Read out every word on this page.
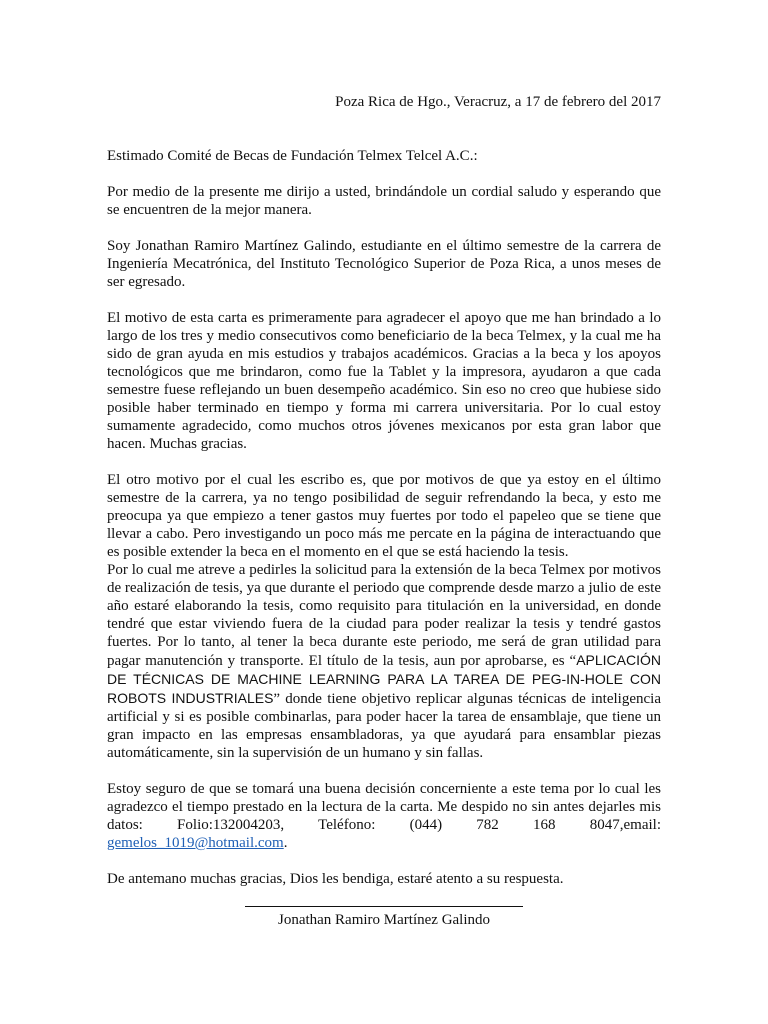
Poza Rica de Hgo., Veracruz, a 17 de febrero del 2017

Estimado Comité de Becas de Fundación Telmex Telcel A.C.:

Por medio de la presente me dirijo a usted, brindándole un cordial saludo y esperando que se encuentren de la mejor manera.

Soy Jonathan Ramiro Martínez Galindo, estudiante en el último semestre de la carrera de Ingeniería Mecatrónica, del Instituto Tecnológico Superior de Poza Rica, a unos meses de ser egresado.

El motivo de esta carta es primeramente para agradecer el apoyo que me han brindado a lo largo de los tres y medio consecutivos como beneficiario de la beca Telmex, y la cual me ha sido de gran ayuda en mis estudios y trabajos académicos. Gracias a la beca y los apoyos tecnológicos que me brindaron, como fue la Tablet y la impresora, ayudaron a que cada semestre fuese reflejando un buen desempeño académico. Sin eso no creo que hubiese sido posible haber terminado en tiempo y forma mi carrera universitaria. Por lo cual estoy sumamente agradecido, como muchos otros jóvenes mexicanos por esta gran labor que hacen. Muchas gracias.

El otro motivo por el cual les escribo es, que por motivos de que ya estoy en el último semestre de la carrera, ya no tengo posibilidad de seguir refrendando la beca, y esto me preocupa ya que empiezo a tener gastos muy fuertes por todo el papeleo que se tiene que llevar a cabo. Pero investigando un poco más me percate en la página de interactuando que es posible extender la beca en el momento en el que se está haciendo la tesis.

Por lo cual me atreve a pedirles la solicitud para la extensión de la beca Telmex por motivos de realización de tesis, ya que durante el periodo que comprende desde marzo a julio de este año estaré elaborando la tesis, como requisito para titulación en la universidad, en donde tendré que estar viviendo fuera de la ciudad para poder realizar la tesis y tendré gastos fuertes. Por lo tanto, al tener la beca durante este periodo, me será de gran utilidad para pagar manutención y transporte. El título de la tesis, aun por aprobarse, es “APLICACIÓN DE TÉCNICAS DE MACHINE LEARNING PARA LA TAREA DE PEG-IN-HOLE CON ROBOTS INDUSTRIALES” donde tiene objetivo replicar algunas técnicas de inteligencia artificial y si es posible combinarlas, para poder hacer la tarea de ensamblaje, que tiene un gran impacto en las empresas ensambladoras, ya que ayudará para ensamblar piezas automáticamente, sin la supervisión de un humano y sin fallas.

Estoy seguro de que se tomará una buena decisión concerniente a este tema por lo cual les agradezco el tiempo prestado en la lectura de la carta. Me despido no sin antes dejarles mis datos: Folio:132004203, Teléfono: (044) 782 168 8047,email: gemelos_1019@hotmail.com.

De antemano muchas gracias, Dios les bendiga, estaré atento a su respuesta.

Jonathan Ramiro Martínez Galindo
